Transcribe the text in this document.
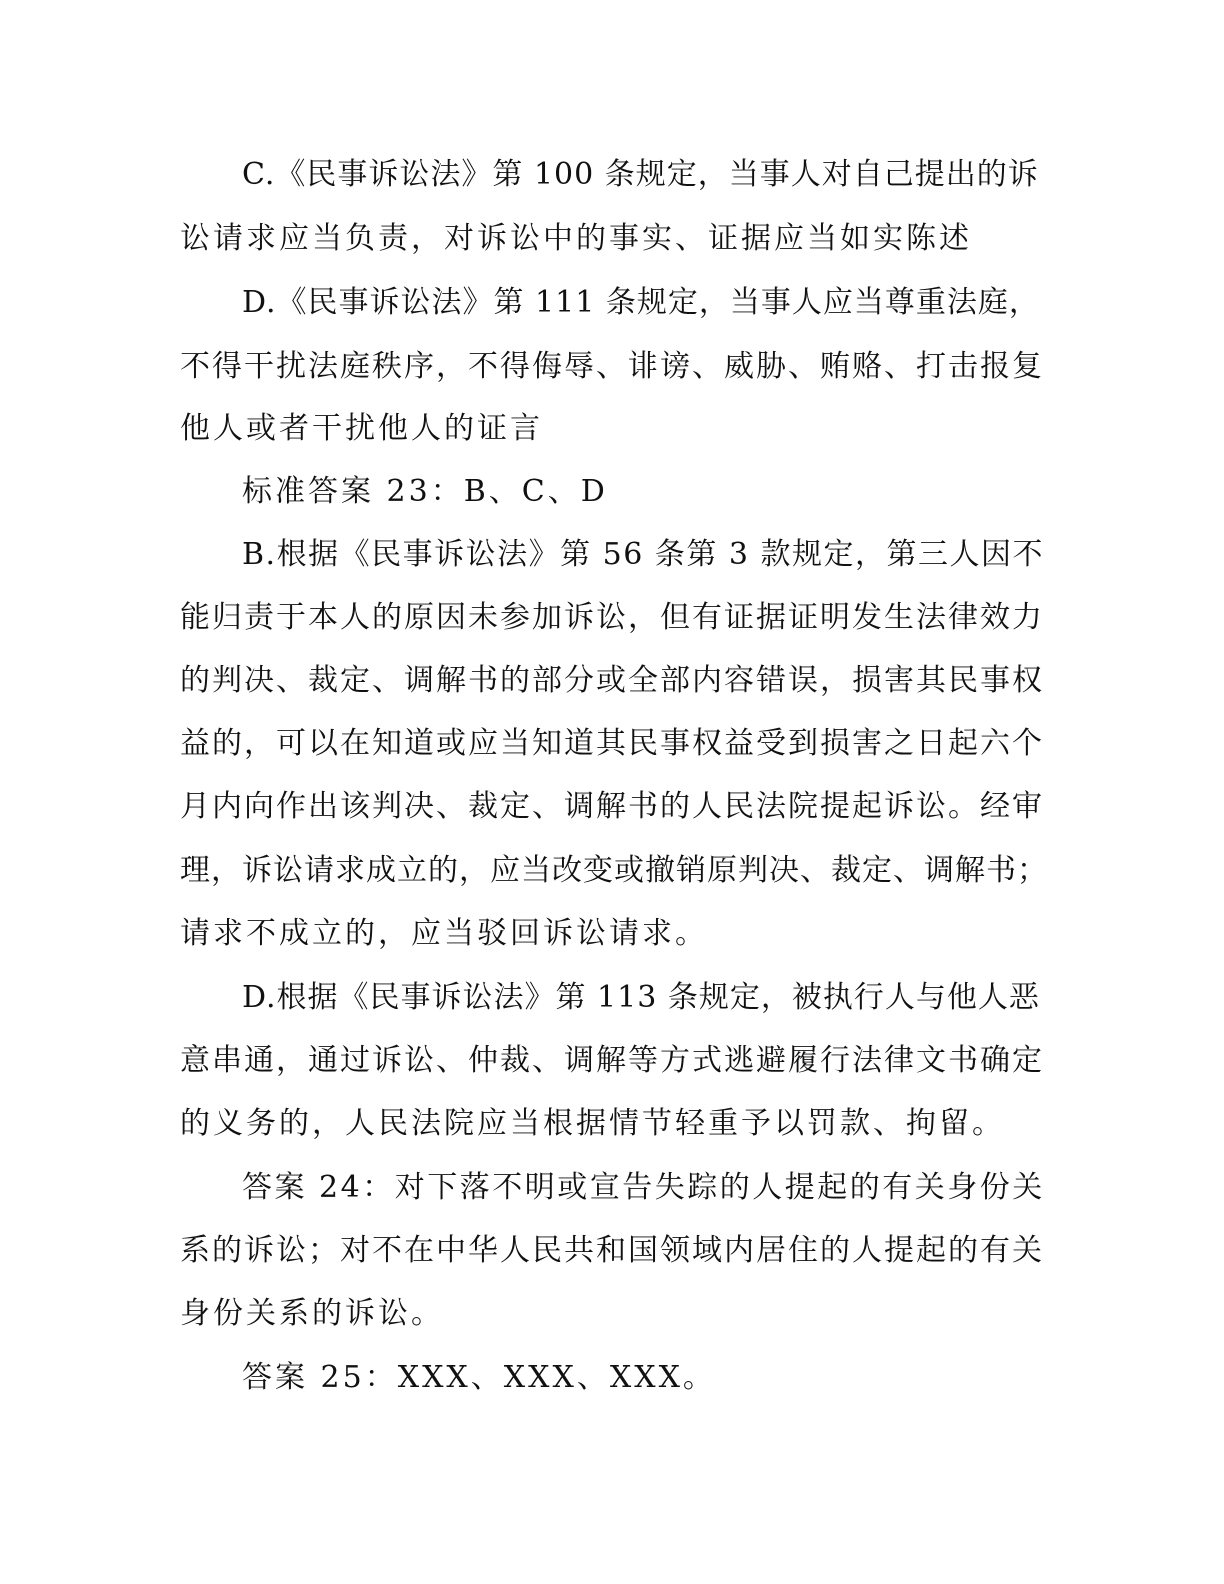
C.《民事诉讼法》第 100 条规定，当事人对自己提出的诉
讼请求应当负责，对诉讼中的事实、证据应当如实陈述
D.《民事诉讼法》第 111 条规定，当事人应当尊重法庭，
不得干扰法庭秩序，不得侮辱、诽谤、威胁、贿赂、打击报复
他人或者干扰他人的证言
标准答案 23：B、C、D
B.根据《民事诉讼法》第 56 条第 3 款规定，第三人因不
能归责于本人的原因未参加诉讼，但有证据证明发生法律效力
的判决、裁定、调解书的部分或全部内容错误，损害其民事权
益的，可以在知道或应当知道其民事权益受到损害之日起六个
月内向作出该判决、裁定、调解书的人民法院提起诉讼。经审
理，诉讼请求成立的，应当改变或撤销原判决、裁定、调解书；
请求不成立的，应当驳回诉讼请求。
D.根据《民事诉讼法》第 113 条规定，被执行人与他人恶
意串通，通过诉讼、仲裁、调解等方式逃避履行法律文书确定
的义务的，人民法院应当根据情节轻重予以罚款、拘留。
答案 24：对下落不明或宣告失踪的人提起的有关身份关
系的诉讼；对不在中华人民共和国领域内居住的人提起的有关
身份关系的诉讼。
答案 25：XXX、XXX、XXX。
